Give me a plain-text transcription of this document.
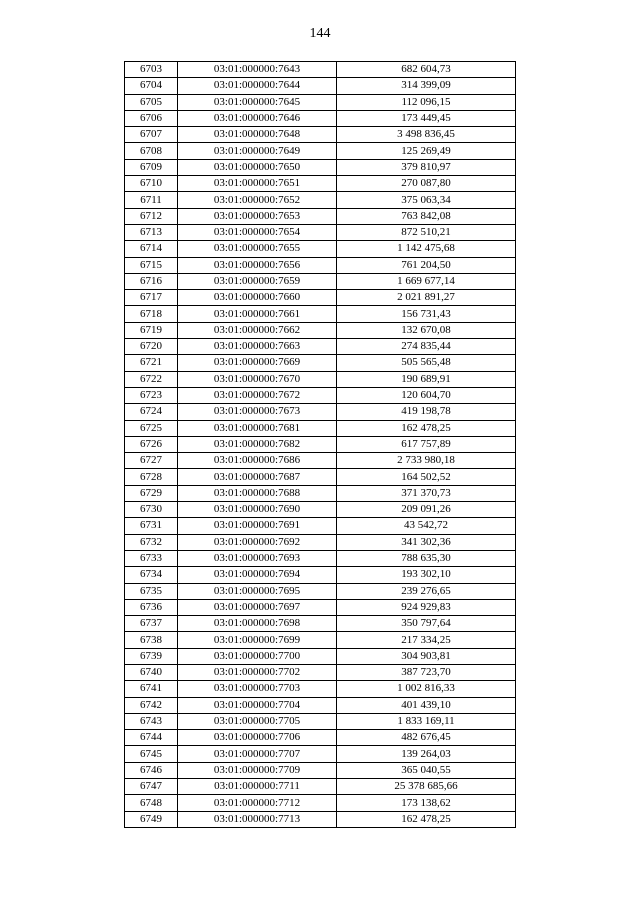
144
6703	03:01:000000:7643	682 604,73
6704	03:01:000000:7644	314 399,09
6705	03:01:000000:7645	112 096,15
6706	03:01:000000:7646	173 449,45
6707	03:01:000000:7648	3 498 836,45
6708	03:01:000000:7649	125 269,49
6709	03:01:000000:7650	379 810,97
6710	03:01:000000:7651	270 087,80
6711	03:01:000000:7652	375 063,34
6712	03:01:000000:7653	763 842,08
6713	03:01:000000:7654	872 510,21
6714	03:01:000000:7655	1 142 475,68
6715	03:01:000000:7656	761 204,50
6716	03:01:000000:7659	1 669 677,14
6717	03:01:000000:7660	2 021 891,27
6718	03:01:000000:7661	156 731,43
6719	03:01:000000:7662	132 670,08
6720	03:01:000000:7663	274 835,44
6721	03:01:000000:7669	505 565,48
6722	03:01:000000:7670	190 689,91
6723	03:01:000000:7672	120 604,70
6724	03:01:000000:7673	419 198,78
6725	03:01:000000:7681	162 478,25
6726	03:01:000000:7682	617 757,89
6727	03:01:000000:7686	2 733 980,18
6728	03:01:000000:7687	164 502,52
6729	03:01:000000:7688	371 370,73
6730	03:01:000000:7690	209 091,26
6731	03:01:000000:7691	43 542,72
6732	03:01:000000:7692	341 302,36
6733	03:01:000000:7693	788 635,30
6734	03:01:000000:7694	193 302,10
6735	03:01:000000:7695	239 276,65
6736	03:01:000000:7697	924 929,83
6737	03:01:000000:7698	350 797,64
6738	03:01:000000:7699	217 334,25
6739	03:01:000000:7700	304 903,81
6740	03:01:000000:7702	387 723,70
6741	03:01:000000:7703	1 002 816,33
6742	03:01:000000:7704	401 439,10
6743	03:01:000000:7705	1 833 169,11
6744	03:01:000000:7706	482 676,45
6745	03:01:000000:7707	139 264,03
6746	03:01:000000:7709	365 040,55
6747	03:01:000000:7711	25 378 685,66
6748	03:01:000000:7712	173 138,62
6749	03:01:000000:7713	162 478,25
